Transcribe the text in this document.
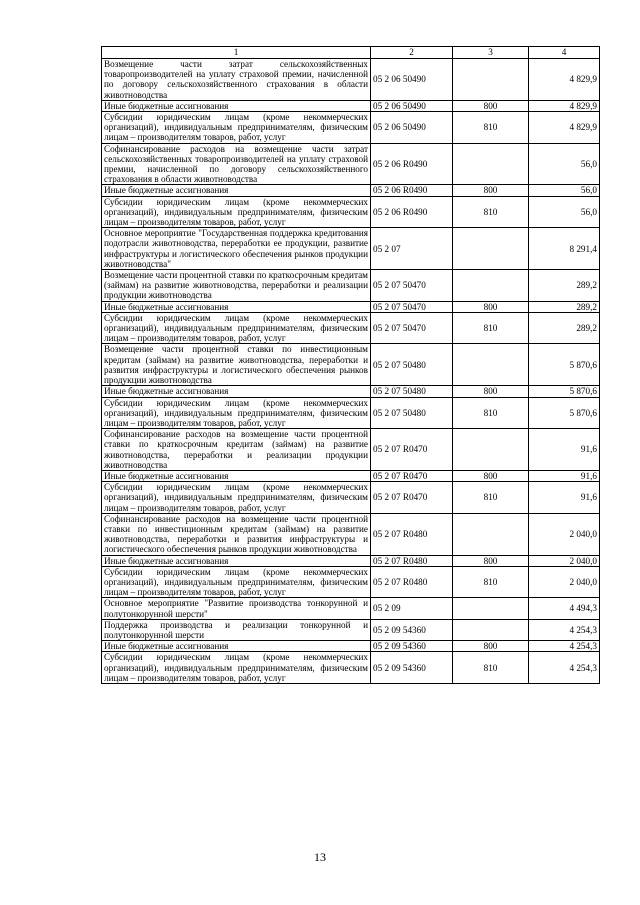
1	2	3	4
Возмещение части затрат сельскохозяйственных товаропроизводителей на уплату страховой премии, начисленной по договору сельскохозяйственного страхования в области животноводства	05 2 06 50490		4 829,9
Иные бюджетные ассигнования	05 2 06 50490	800	4 829,9
Субсидии юридическим лицам (кроме некоммерческих организаций), индивидуальным предпринимателям, физическим лицам – производителям товаров, работ, услуг	05 2 06 50490	810	4 829,9
Софинансирование расходов на возмещение части затрат сельскохозяйственных товаропроизводителей на уплату страховой премии, начисленной по договору сельскохозяйственного страхования в области животноводства	05 2 06 R0490		56,0
Иные бюджетные ассигнования	05 2 06 R0490	800	56,0
Субсидии юридическим лицам (кроме некоммерческих организаций), индивидуальным предпринимателям, физическим лицам – производителям товаров, работ, услуг	05 2 06 R0490	810	56,0
Основное мероприятие "Государственная поддержка кредитования подотрасли животноводства, переработки ее продукции, развитие инфраструктуры и логистического обеспечения рынков продукции животноводства"	05 2 07		8 291,4
Возмещение части процентной ставки по краткосрочным кредитам (займам) на развитие животноводства, переработки и реализации продукции животноводства	05 2 07 50470		289,2
Иные бюджетные ассигнования	05 2 07 50470	800	289,2
Субсидии юридическим лицам (кроме некоммерческих организаций), индивидуальным предпринимателям, физическим лицам – производителям товаров, работ, услуг	05 2 07 50470	810	289,2
Возмещение части процентной ставки по инвестиционным кредитам (займам) на развитие животноводства, переработки и развития инфраструктуры и логистического обеспечения рынков продукции животноводства	05 2 07 50480		5 870,6
Иные бюджетные ассигнования	05 2 07 50480	800	5 870,6
Субсидии юридическим лицам (кроме некоммерческих организаций), индивидуальным предпринимателям, физическим лицам – производителям товаров, работ, услуг	05 2 07 50480	810	5 870,6
Софинансирование расходов на возмещение части процентной ставки по краткосрочным кредитам (займам) на развитие животноводства, переработки и реализации продукции животноводства	05 2 07 R0470		91,6
Иные бюджетные ассигнования	05 2 07 R0470	800	91,6
Субсидии юридическим лицам (кроме некоммерческих организаций), индивидуальным предпринимателям, физическим лицам – производителям товаров, работ, услуг	05 2 07 R0470	810	91,6
Софинансирование расходов на возмещение части процентной ставки по инвестиционным кредитам (займам) на развитие животноводства, переработки и развития инфраструктуры и логистического обеспечения рынков продукции животноводства	05 2 07 R0480		2 040,0
Иные бюджетные ассигнования	05 2 07 R0480	800	2 040,0
Субсидии юридическим лицам (кроме некоммерческих организаций), индивидуальным предпринимателям, физическим лицам – производителям товаров, работ, услуг	05 2 07 R0480	810	2 040,0
Основное мероприятие "Развитие производства тонкорунной и полутонкорунной шерсти"	05 2 09		4 494,3
Поддержка производства и реализации тонкорунной и полутонкорунной шерсти	05 2 09 54360		4 254,3
Иные бюджетные ассигнования	05 2 09 54360	800	4 254,3
Субсидии юридическим лицам (кроме некоммерческих организаций), индивидуальным предпринимателям, физическим лицам – производителям товаров, работ, услуг	05 2 09 54360	810	4 254,3
13
